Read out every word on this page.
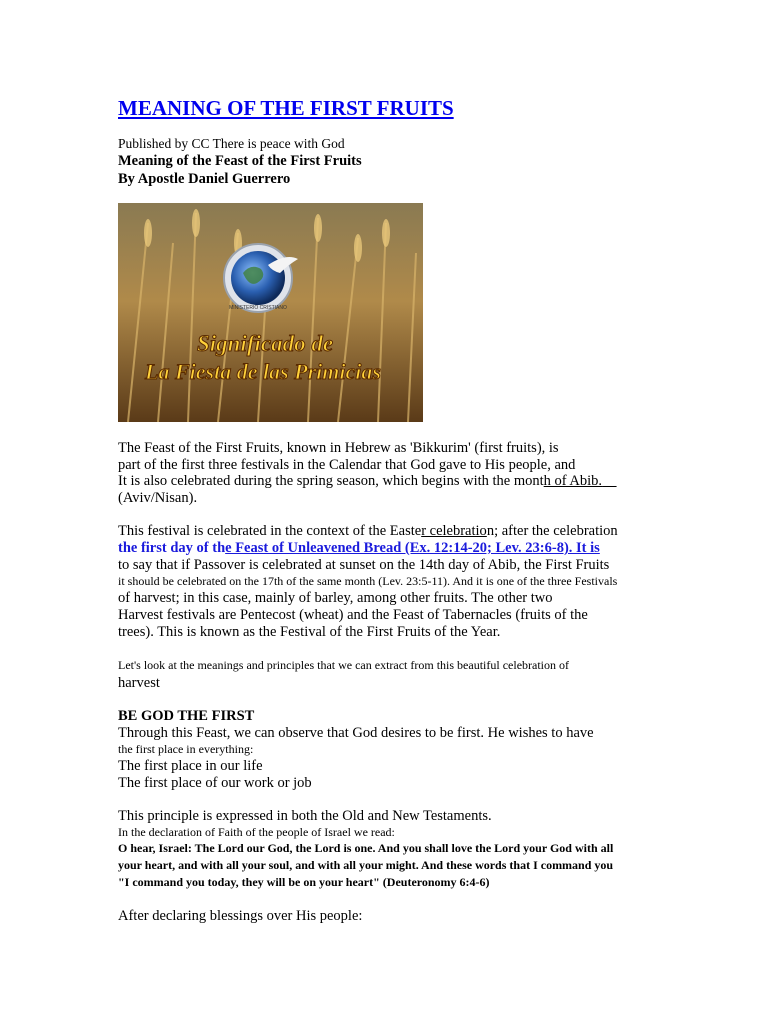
MEANING OF THE FIRST FRUITS
Published by CC There is peace with God
Meaning of the Feast of the First Fruits
By Apostle Daniel Guerrero
MINISTERIO CRISTIANO
Significado de
La Fiesta de las Primicias
The Feast of the First Fruits, known in Hebrew as 'Bikkurim' (first fruits), is
part of the first three festivals in the Calendar that God gave to His people, and
It is also celebrated during the spring season, which begins with the month of Abib.
(Aviv/Nisan).
This festival is celebrated in the context of the Easter celebration; after the celebration
the first day of the Feast of Unleavened Bread (Ex. 12:14-20; Lev. 23:6-8). It is
to say that if Passover is celebrated at sunset on the 14th day of Abib, the First Fruits
it should be celebrated on the 17th of the same month (Lev. 23:5-11). And it is one of the three Festivals
of harvest; in this case, mainly of barley, among other fruits. The other two
Harvest festivals are Pentecost (wheat) and the Feast of Tabernacles (fruits of the
trees). This is known as the Festival of the First Fruits of the Year.
Let's look at the meanings and principles that we can extract from this beautiful celebration of
harvest
BE GOD THE FIRST
Through this Feast, we can observe that God desires to be first. He wishes to have
the first place in everything:
The first place in our life
The first place of our work or job
This principle is expressed in both the Old and New Testaments.
In the declaration of Faith of the people of Israel we read:
O hear, Israel: The Lord our God, the Lord is one. And you shall love the Lord your God with all
your heart, and with all your soul, and with all your might. And these words that I command you
"I command you today, they will be on your heart" (Deuteronomy 6:4-6)
After declaring blessings over His people:
